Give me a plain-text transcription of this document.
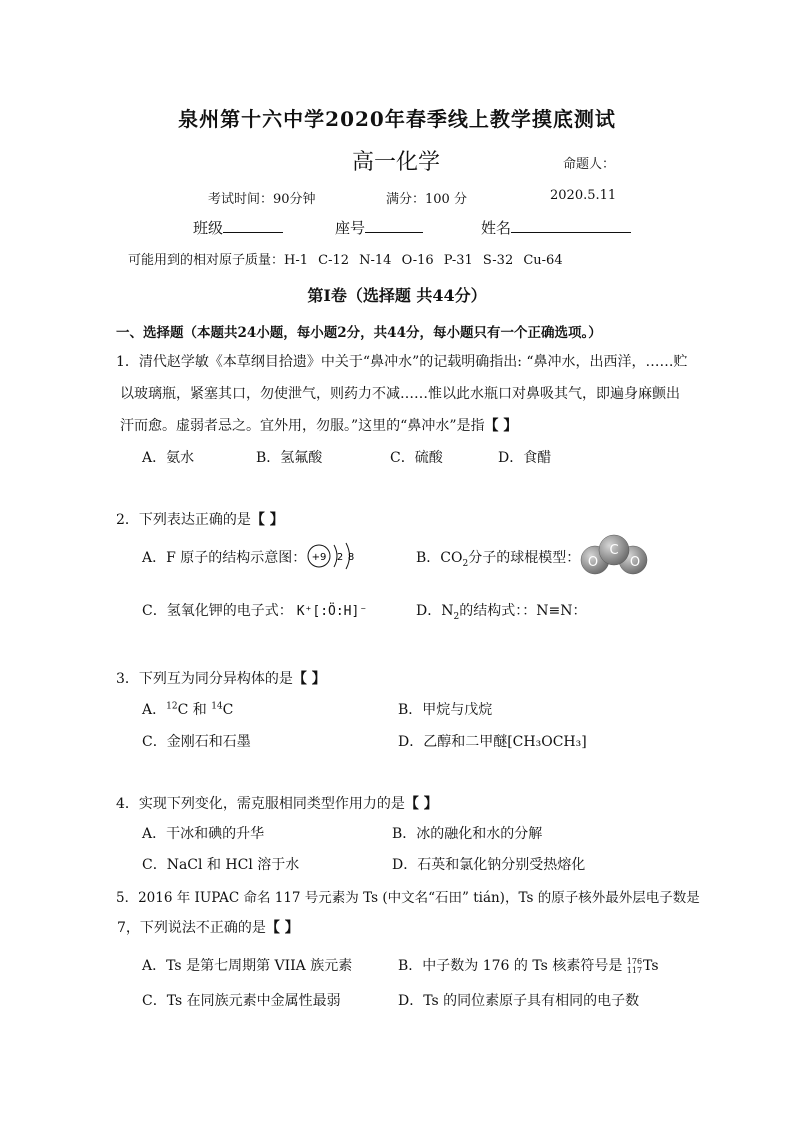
泉州第十六中学2020年春季线上教学摸底测试
高一化学	命题人：
考试时间：90分钟	满分：100 分	2020.5.11
班级	座号	姓名
可能用到的相对原子质量：H-1 C-12 N-14 O-16 P-31 S-32 Cu-64
第Ⅰ卷（选择题 共44分）
一、选择题（本题共24小题，每小题2分，共44分，每小题只有一个正确选项。）
1．清代赵学敏《本草纲目拾遗》中关于“鼻冲水”的记载明确指出: “鼻冲水，出西洋，……贮
以玻璃瓶，紧塞其口，勿使泄气，则药力不减……惟以此水瓶口对鼻吸其气，即遍身麻颤出
汗而愈。虚弱者忌之。宜外用，勿服。”这里的“鼻冲水”是指【 】
A．氨水	B．氢氟酸	C．硫酸	D．食醋
2．下列表达正确的是【 】
A．F 原子的结构示意图： +9 2 8	B．$CO_2$分子的球棍模型： O
C
O
C．氢氧化钾的电子式： K⁺[:Ö:H]⁻	D．$N_2$的结构式：：N≡N：
3．下列互为同分异构体的是【 】
A．$^{12}$C 和 $^{14}$C	B．甲烷与戊烷
C．金刚石和石墨	D．乙醇和二甲醚[CH₃OCH₃]
4．实现下列变化，需克服相同类型作用力的是【 】
A．干冰和碘的升华	B．冰的融化和水的分解
C．NaCl 和 HCl 溶于水	D．石英和氯化钠分别受热熔化
5．2016 年 IUPAC 命名 117 号元素为 Ts (中文名“石田” tián)，Ts 的原子核外最外层电子数是
7，下列说法不正确的是【 】
A．Ts 是第七周期第 VIIA 族元素	B．中子数为 176 的 Ts 核素符号是 176
117 Ts
C．Ts 在同族元素中金属性最弱	D．Ts 的同位素原子具有相同的电子数
